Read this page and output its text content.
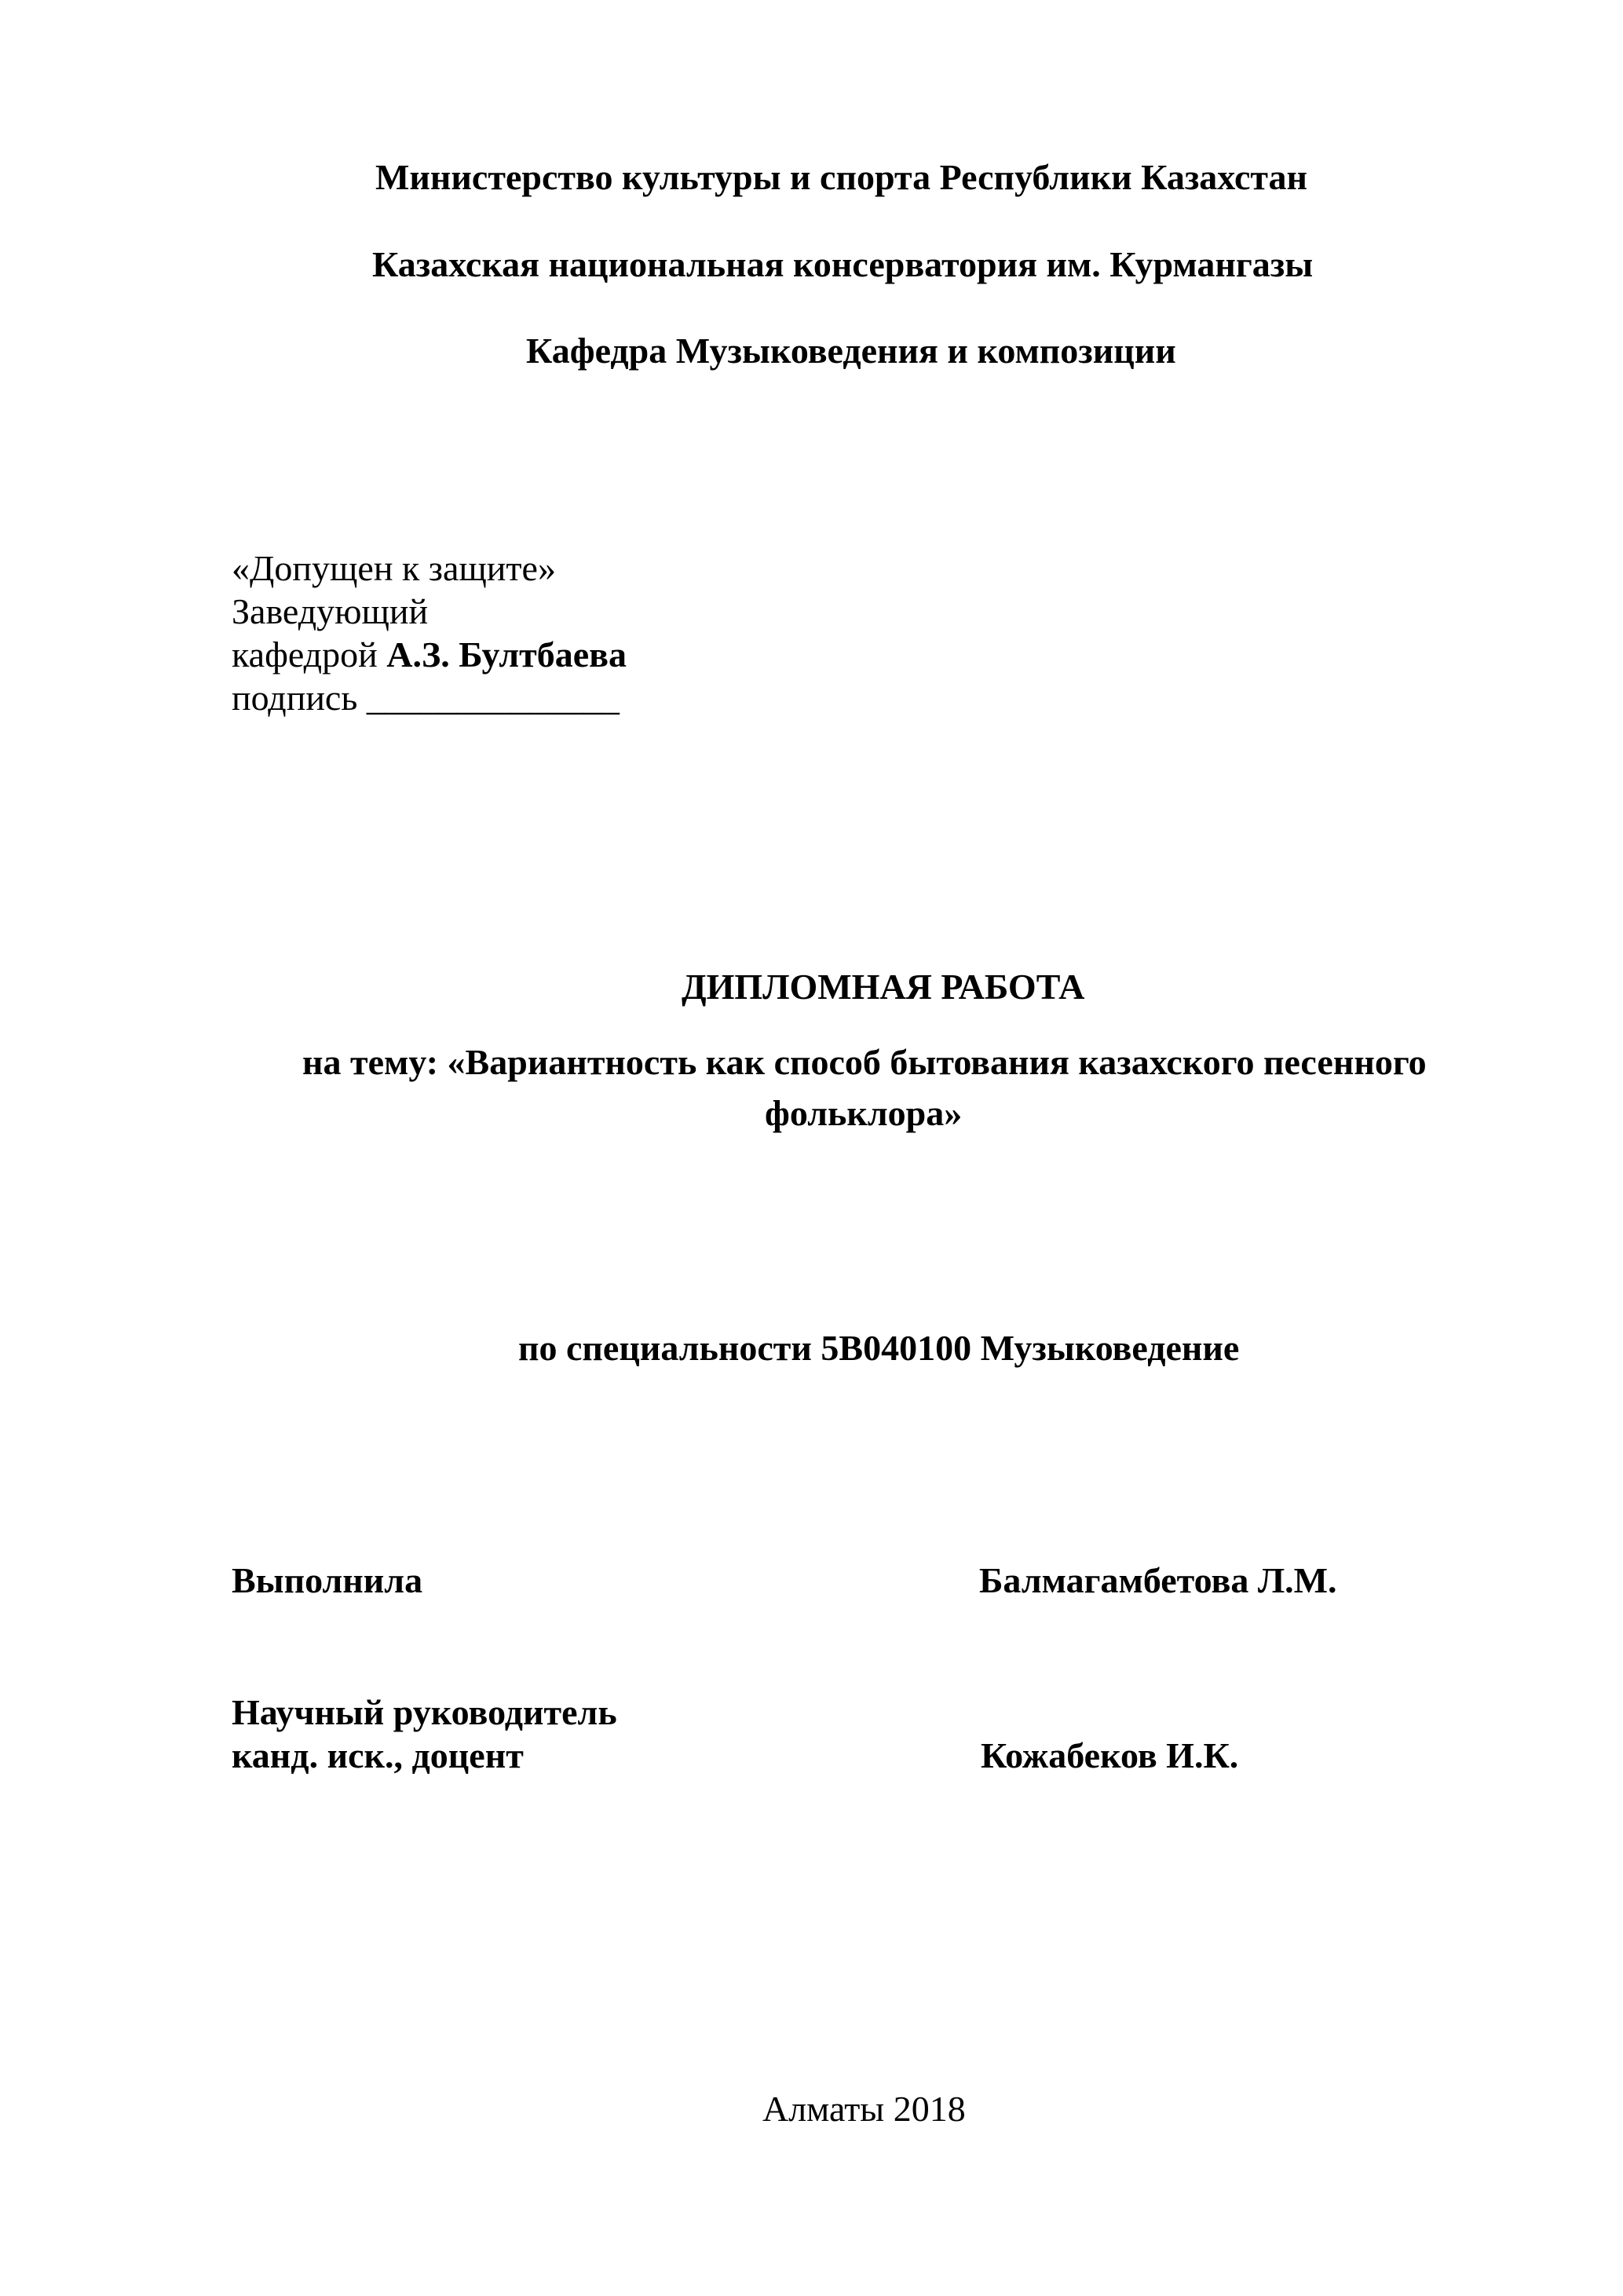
Министерство культуры и спорта Республики Казахстан
Казахская национальная консерватория им. Курмангазы
Кафедра Музыковедения и композиции
«Допущен к защите»
Заведующий
кафедрой А.З. Бултбаева
подпись ______________
ДИПЛОМНАЯ РАБОТА
на тему: «Вариантность как способ бытования казахского песенного
фольклора»
по специальности 5В040100 Музыковедение
Выполнила	Балмагамбетова Л.М.
Научный руководитель
канд. иск., доцент	Кожабеков И.К.
Алматы 2018
